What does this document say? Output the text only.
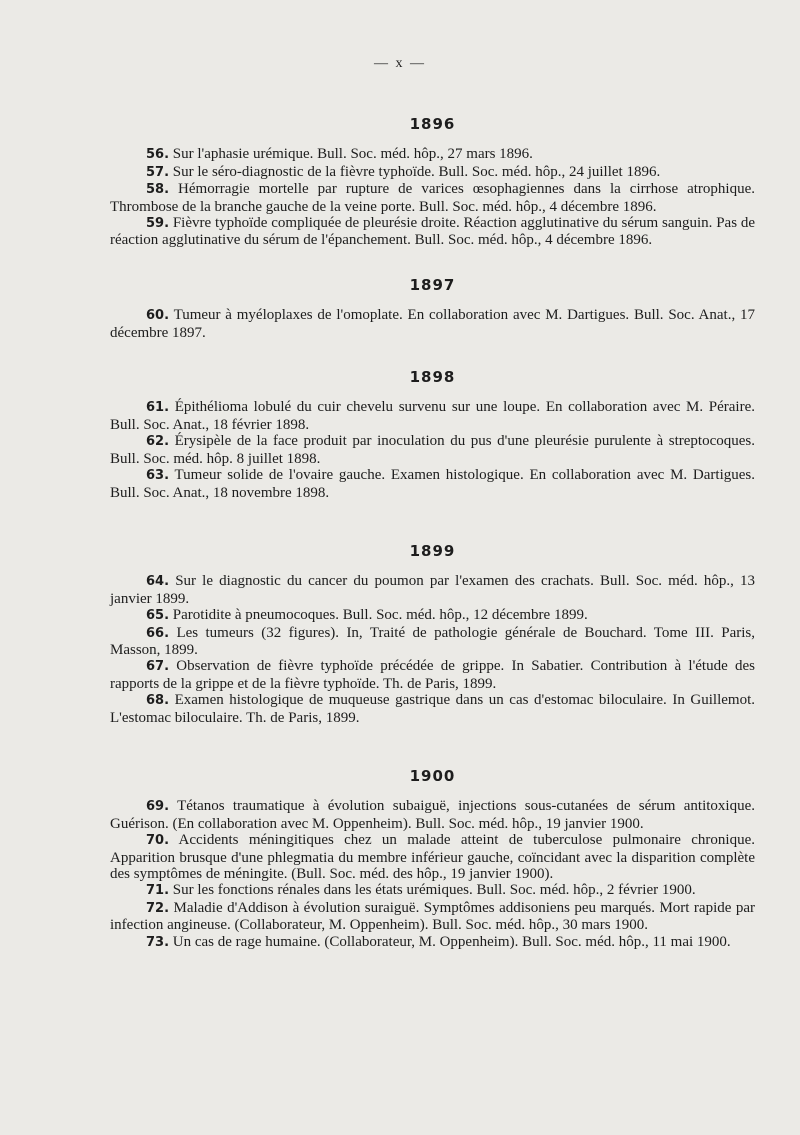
— x —
1896

56. Sur l'aphasie urémique. Bull. Soc. méd. hôp., 27 mars 1896.

57. Sur le séro-diagnostic de la fièvre typhoïde. Bull. Soc. méd. hôp., 24 juillet 1896.

58. Hémorragie mortelle par rupture de varices œsophagiennes dans la cirrhose atrophique. Thrombose de la branche gauche de la veine porte. Bull. Soc. méd. hôp., 4 décembre 1896.

59. Fièvre typhoïde compliquée de pleurésie droite. Réaction agglutinative du sérum sanguin. Pas de réaction agglutinative du sérum de l'épanchement. Bull. Soc. méd. hôp., 4 décembre 1896.

1897

60. Tumeur à myéloplaxes de l'omoplate. En collaboration avec M. Dartigues. Bull. Soc. Anat., 17 décembre 1897.

1898

61. Épithélioma lobulé du cuir chevelu survenu sur une loupe. En collaboration avec M. Péraire. Bull. Soc. Anat., 18 février 1898.

62. Érysipèle de la face produit par inoculation du pus d'une pleurésie purulente à streptocoques. Bull. Soc. méd. hôp. 8 juillet 1898.

63. Tumeur solide de l'ovaire gauche. Examen histologique. En collaboration avec M. Dartigues. Bull. Soc. Anat., 18 novembre 1898.

1899

64. Sur le diagnostic du cancer du poumon par l'examen des crachats. Bull. Soc. méd. hôp., 13 janvier 1899.

65. Parotidite à pneumocoques. Bull. Soc. méd. hôp., 12 décembre 1899.

66. Les tumeurs (32 figures). In, Traité de pathologie générale de Bouchard. Tome III. Paris, Masson, 1899.

67. Observation de fièvre typhoïde précédée de grippe. In Sabatier. Contribution à l'étude des rapports de la grippe et de la fièvre typhoïde. Th. de Paris, 1899.

68. Examen histologique de muqueuse gastrique dans un cas d'estomac biloculaire. In Guillemot. L'estomac biloculaire. Th. de Paris, 1899.

1900

69. Tétanos traumatique à évolution subaiguë, injections sous-cutanées de sérum antitoxique. Guérison. (En collaboration avec M. Oppenheim). Bull. Soc. méd. hôp., 19 janvier 1900.

70. Accidents méningitiques chez un malade atteint de tuberculose pulmonaire chronique. Apparition brusque d'une phlegmatia du membre inférieur gauche, coïncidant avec la disparition complète des symptômes de méningite. (Bull. Soc. méd. des hôp., 19 janvier 1900).

71. Sur les fonctions rénales dans les états urémiques. Bull. Soc. méd. hôp., 2 février 1900.

72. Maladie d'Addison à évolution suraiguë. Symptômes addisoniens peu marqués. Mort rapide par infection angineuse. (Collaborateur, M. Oppenheim). Bull. Soc. méd. hôp., 30 mars 1900.

73. Un cas de rage humaine. (Collaborateur, M. Oppenheim). Bull. Soc. méd. hôp., 11 mai 1900.
